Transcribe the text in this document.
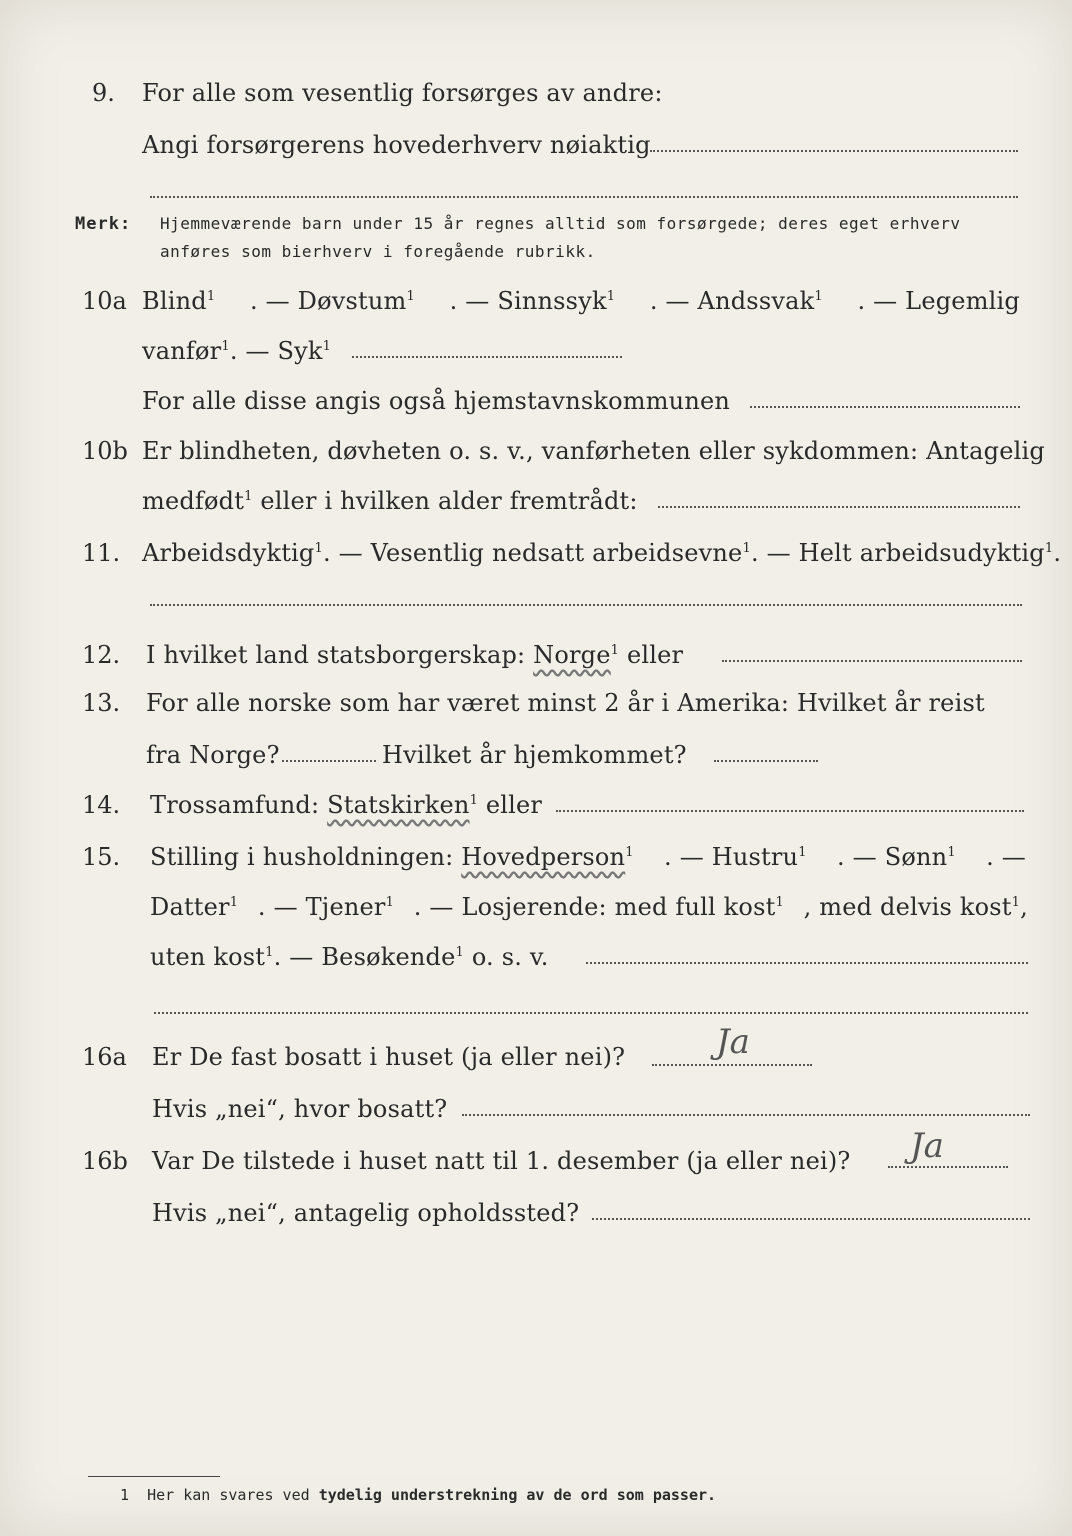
9. For alle som vesentlig forsørges av andre:
Angi forsørgerens hovederhverv nøiaktig
Merk: Hjemmeværende barn under 15 år regnes alltid som forsørgede; deres eget erhverv
anføres som bierhverv i foregående rubrikk.
10a Blind$^1$ . — Døvstum$^1$ . — Sinnssyk$^1$ . — Andssvak$^1$ . — Legemlig
vanfør$^1$. — Syk$^1$
For alle disse angis også hjemstavnskommunen
10b Er blindheten, døvheten o. s. v., vanførheten eller sykdommen: Antagelig
medfødt$^1$ eller i hvilken alder fremtrådt:
11. Arbeidsdyktig$^1$ . — Vesentlig nedsatt arbeidsevne$^1$ . — Helt arbeidsudyktig$^1$.
12. I hvilket land statsborgerskap: Norge$^1$ eller
13. For alle norske som har været minst 2 år i Amerika: Hvilket år reist
fra Norge?	Hvilket år hjemkommet?
14. Trossamfund: Statskirken$^1$ eller
15. Stilling i husholdningen: Hovedperson$^1$ . — Hustru$^1$ . — Sønn$^1$ . —
Datter$^1$ . — Tjener$^1$ . — Losjerende: med full kost$^1$ , med delvis kost$^1$,
uten kost$^1$. — Besøkende$^1$ o. s. v.
16a Er De fast bosatt i huset (ja eller nei)?	Ja
Hvis „nei“, hvor bosatt?
16b Var De tilstede i huset natt til 1. desember (ja eller nei)? Ja
Hvis „nei“, antagelig opholdssted?
1 Her kan svares ved tydelig understrekning av de ord som passer.
